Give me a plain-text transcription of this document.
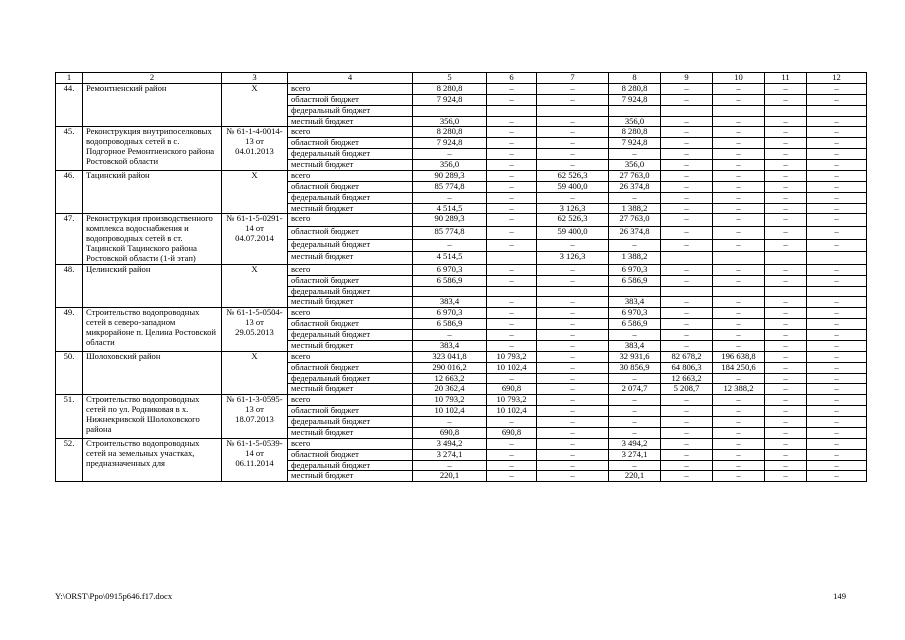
1	2	3	4	5	6	7	8	9	10	11	12
44.	Ремонтненский район	X	всего	8 280,8	–	–	8 280,8	–	–	–	–
			областной бюджет	7 924,8	–	–	7 924,8	–	–	–	–
			федеральный бюджет								
			местный бюджет	356,0	–	–	356,0	–	–	–	–
45.	Реконструкция внутрипоселковых водопроводных сетей в с. Подгорное Ремонтненского района Ростовской области	№ 61-1-4-0014-13 от 04.01.2013	всего	8 280,8	–	–	8 280,8	–	–	–	–
			областной бюджет	7 924,8	–	–	7 924,8	–	–	–	–
			федеральный бюджет	–	–	–	–	–	–	–	–
			местный бюджет	356,0	–	–	356,0	–	–	–	–
46.	Тацинский район	X	всего	90 289,3	–	62 526,3	27 763,0	–	–	–	–
			областной бюджет	85 774,8	–	59 400,0	26 374,8	–	–	–	–
			федеральный бюджет	–	–	–	–	–	–	–	–
			местный бюджет	4 514,5	–	3 126,3	1 388,2	–	–	–	–
47.	Реконструкция производственного комплекса водоснабжения и водопроводных сетей в ст. Тацинской Тацинского района Ростовской области (1-й этап)	№ 61-1-5-0291-14 от 04.07.2014	всего	90 289,3	–	62 526,3	27 763,0	–	–	–	–
			областной бюджет	85 774,8	–	59 400,0	26 374,8	–	–	–	–
			федеральный бюджет	–	–	–	–	–	–	–	–
			местный бюджет	4 514,5		3 126,3	1 388,2				
48.	Целинский район	X	всего	6 970,3	–	–	6 970,3	–	–	–	–
			областной бюджет	6 586,9	–	–	6 586,9	–	–	–	–
			федеральный бюджет								
			местный бюджет	383,4	–	–	383,4	–	–	–	–
49.	Строительство водопроводных сетей в северо-западном микрорайоне п. Целина Ростовской области	№ 61-1-5-0504-13 от 29.05.2013	всего	6 970,3	–	–	6 970,3	–	–	–	–
			областной бюджет	6 586,9	–	–	6 586,9	–	–	–	–
			федеральный бюджет	–	–	–	–	–	–	–	–
			местный бюджет	383,4	–	–	383,4	–	–	–	–
50.	Шолоховский район	X	всего	323 041,8	10 793,2	–	32 931,6	82 678,2	196 638,8	–	–
			областной бюджет	290 016,2	10 102,4	–	30 856,9	64 806,3	184 250,6	–	–
			федеральный бюджет	12 663,2	–	–	–	12 663,2	–	–	–
			местный бюджет	20 362,4	690,8	–	2 074,7	5 208,7	12 388,2	–	–
51.	Строительство водопроводных сетей по ул. Родниковая в х. Нижнекривской Шолоховского района	№ 61-1-3-0595-13 от 18.07.2013	всего	10 793,2	10 793,2	–	–	–	–	–	–
			областной бюджет	10 102,4	10 102,4	–	–	–	–	–	–
			федеральный бюджет	–	–	–	–	–	–	–	–
			местный бюджет	690,8	690,8	–	–	–	–	–	–
52.	Строительство водопроводных сетей на земельных участках, предназначенных для	№ 61-1-5-0539-14 от 06.11.2014	всего	3 494,2	–	–	3 494,2	–	–	–	–
			областной бюджет	3 274,1	–	–	3 274,1	–	–	–	–
			федеральный бюджет	–	–	–	–	–	–	–	–
			местный бюджет	220,1	–	–	220,1	–	–	–	–
Y:\ORST\Ppo\0915p646.f17.docx	149
